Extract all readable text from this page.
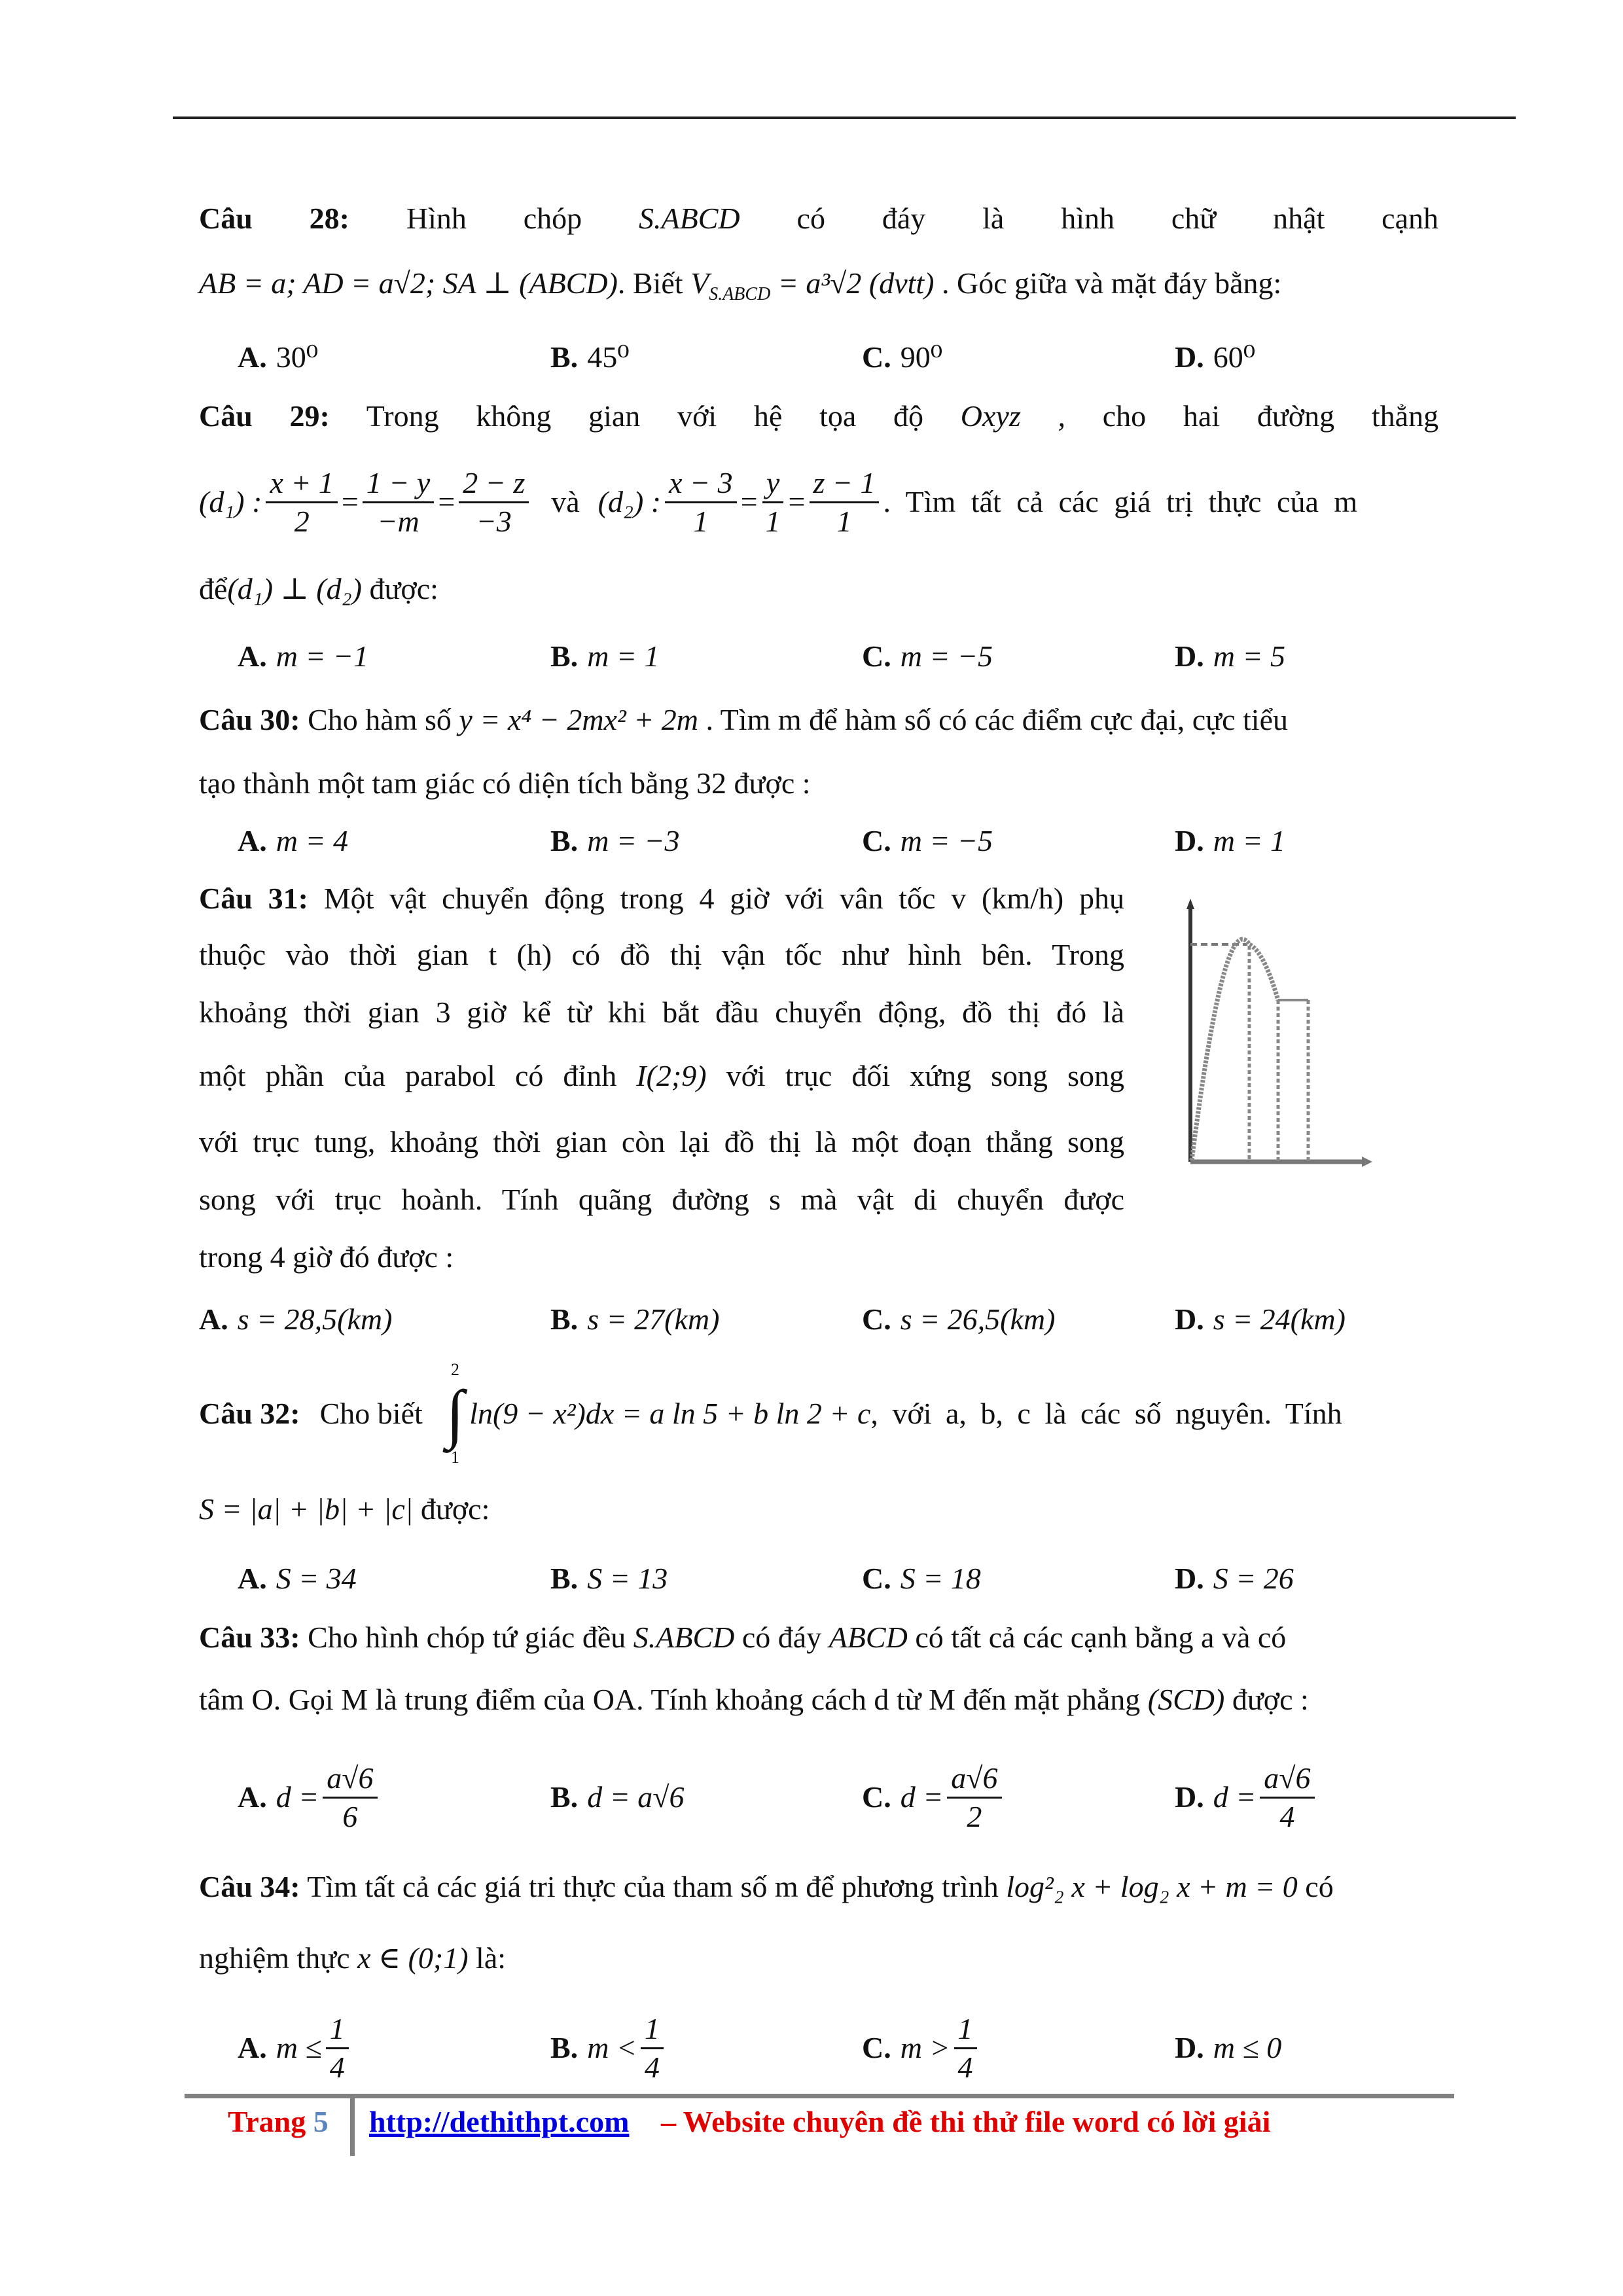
Câu 28: Hình chóp S.ABCD có đáy là hình chữ nhật cạnh
AB = a; AD = a√2; SA ⊥ (ABCD). Biết $V_{S.ABCD} = a^3√2$ (dvtt) . Góc giữa và mặt đáy bằng:
A. 30⁰	B. 45⁰	C. 90⁰	D. 60⁰
Câu 29: Trong không gian với hệ tọa độ Oxyz , cho hai đường thẳng
(d₁) : $\frac{x + 1}{2} = \frac{1 - y}{-m} = \frac{2 - z}{-3}$ và (d₂) : $\frac{x - 3}{1} = \frac{y}{1} = \frac{z - 1}{1}$ . Tìm tất cả các giá trị thực của m
để(d₁) ⊥ (d₂) được:
A. m = −1	B. m = 1	C. m = −5	D. m = 5
Câu 30: Cho hàm số y = x⁴ − 2mx² + 2m . Tìm m để hàm số có các điểm cực đại, cực tiểu
tạo thành một tam giác có diện tích bằng 32 được :
A. m = 4	B. m = −3	C. m = −5	D. m = 1
Câu 31: Một vật chuyển động trong 4 giờ với vân tốc v (km/h) phụ
thuộc vào thời gian t (h) có đồ thị vận tốc như hình bên. Trong
khoảng thời gian 3 giờ kể từ khi bắt đầu chuyển động, đồ thị đó là
một phần của parabol có đỉnh I(2;9) với trục đối xứng song song
với trục tung, khoảng thời gian còn lại đồ thị là một đoạn thẳng song
song với trục hoành. Tính quãng đường s mà vật di chuyển được
trong 4 giờ đó được :
A. s = 28,5(km)	B. s = 27(km)	C. s = 26,5(km)	D. s = 24(km)
Câu 32: Cho biết
2
∫
1
ln(9 − x²)dx = a ln 5 + b ln 2 + c , với a, b, c là các số nguyên. Tính
S = |a| + |b| + |c| được:
A. S = 34	B. S = 13	C. S = 18	D. S = 26
Câu 33: Cho hình chóp tứ giác đều S.ABCD có đáy ABCD có tất cả các cạnh bằng a và có
tâm O. Gọi M là trung điểm của OA. Tính khoảng cách d từ M đến mặt phẳng (SCD) được :
A. $d = \frac{a√6}{6}$	B. d = a√6	C. $d = \frac{a√6}{2}$	D. $d = \frac{a√6}{4}$
Câu 34: Tìm tất cả các giá tri thực của tham số m để phương trình log²₂ x + log₂ x + m = 0 có
nghiệm thực x ∈ (0;1) là:
A. $m \le \frac{1}{4}$	B. $m < \frac{1}{4}$	C. $m > \frac{1}{4}$	D. m ≤ 0
Trang 5 http://dethithpt.com – Website chuyên đề thi thử file word có lời giải
